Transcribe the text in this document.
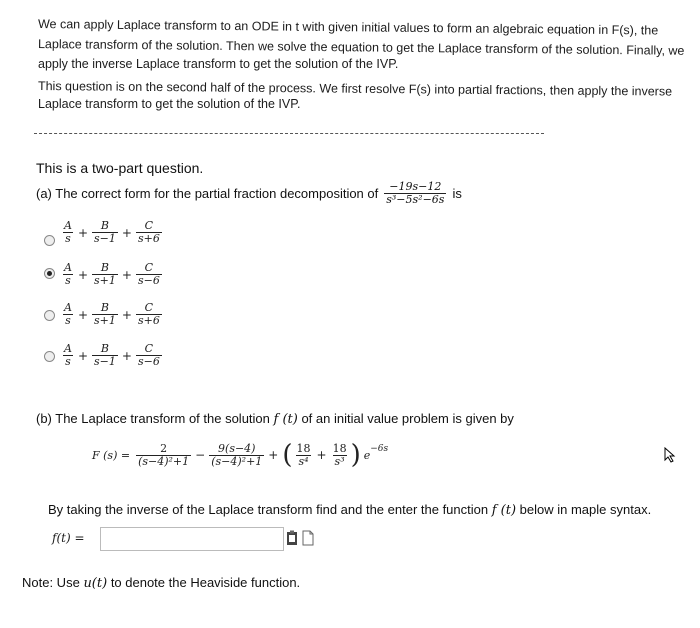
We can apply Laplace transform to an ODE in t with given initial values to form an algebraic equation in F(s), the
Laplace transform of the solution. Then we solve the equation to get the Laplace transform of the solution. Finally, we
apply the inverse Laplace transform to get the solution of the IVP.
This question is on the second half of the process. We first resolve F(s) into partial fractions, then apply the inverse
Laplace transform to get the solution of the IVP.
This is a two-part question.
(a) The correct form for the partial fraction decomposition of $\frac{-19s-12}{\text{s³−5s²−6s}}$ is
$\frac{A}{s} + \frac{B}{s-1} + \frac{C}{s+6}$
$\frac{A}{s} + \frac{B}{s+1} + \frac{C}{s-6}$
$\frac{A}{s} + \frac{B}{s+1} + \frac{C}{s+6}$
$\frac{A}{s} + \frac{B}{s-1} + \frac{C}{s-6}$
(b) The Laplace transform of the solution f (t) of an initial value problem is given by
F $(s) = \frac{2}{\text{(s−4)²+1}} - \frac{9(s-4)}{\text{(s−4)²+1}}$ + ( $\frac{18}{\text{s⁴}} + \frac{18}{\text{s³}}$ ) $e^{-6s}$
By taking the inverse of the Laplace transform find and the enter the function f (t) below in maple syntax.
f(t) =
Note: Use u(t) to denote the Heaviside function.
